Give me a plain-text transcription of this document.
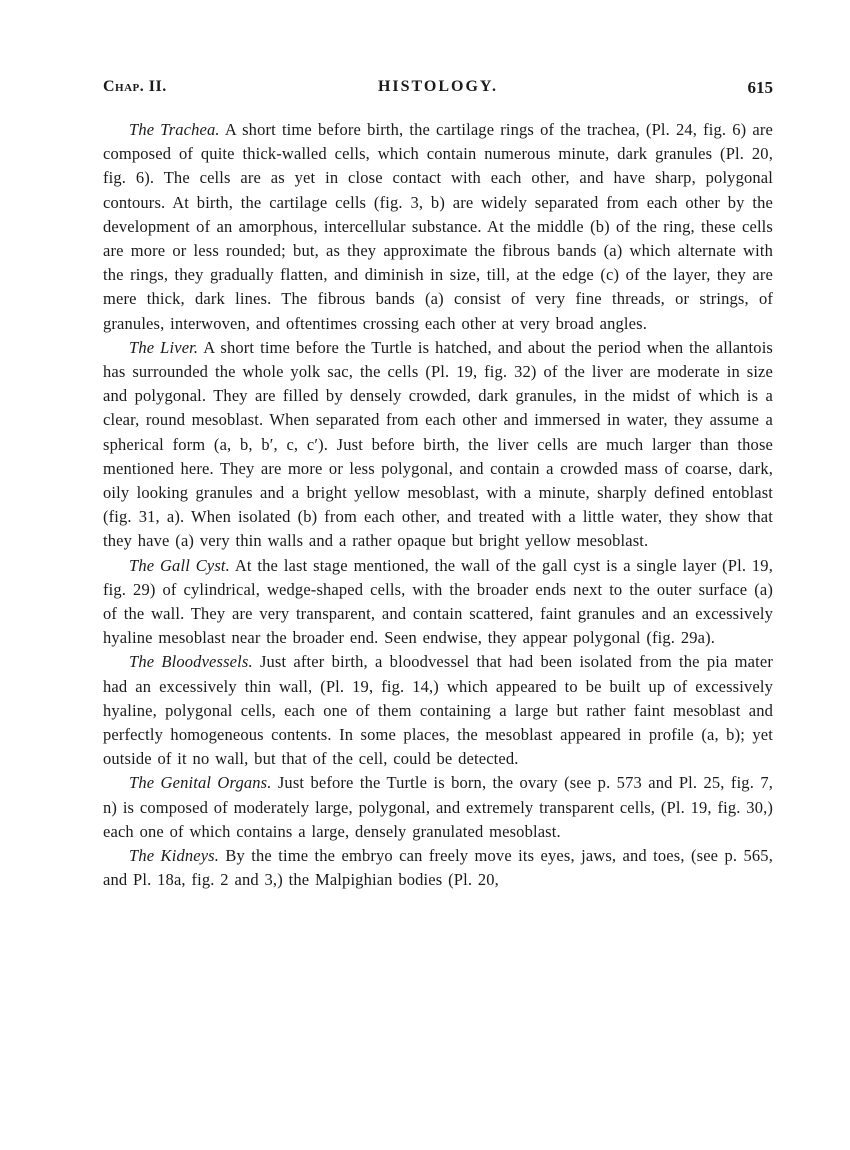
Chap. II.	HISTOLOGY.	615

The Trachea. A short time before birth, the cartilage rings of the trachea, (Pl. 24, fig. 6) are composed of quite thick-walled cells, which contain numerous minute, dark granules (Pl. 20, fig. 6). The cells are as yet in close contact with each other, and have sharp, polygonal contours. At birth, the cartilage cells (fig. 3, b) are widely separated from each other by the development of an amorphous, intercellular substance. At the middle (b) of the ring, these cells are more or less rounded; but, as they approximate the fibrous bands (a) which alternate with the rings, they gradually flatten, and diminish in size, till, at the edge (c) of the layer, they are mere thick, dark lines. The fibrous bands (a) consist of very fine threads, or strings, of granules, interwoven, and oftentimes crossing each other at very broad angles.

The Liver. A short time before the Turtle is hatched, and about the period when the allantois has surrounded the whole yolk sac, the cells (Pl. 19, fig. 32) of the liver are moderate in size and polygonal. They are filled by densely crowded, dark granules, in the midst of which is a clear, round mesoblast. When separated from each other and immersed in water, they assume a spherical form (a, b, b′, c, c′). Just before birth, the liver cells are much larger than those mentioned here. They are more or less polygonal, and contain a crowded mass of coarse, dark, oily looking granules and a bright yellow mesoblast, with a minute, sharply defined entoblast (fig. 31, a). When isolated (b) from each other, and treated with a little water, they show that they have (a) very thin walls and a rather opaque but bright yellow mesoblast.

The Gall Cyst. At the last stage mentioned, the wall of the gall cyst is a single layer (Pl. 19, fig. 29) of cylindrical, wedge-shaped cells, with the broader ends next to the outer surface (a) of the wall. They are very transparent, and contain scattered, faint granules and an excessively hyaline mesoblast near the broader end. Seen endwise, they appear polygonal (fig. 29a).

The Bloodvessels. Just after birth, a bloodvessel that had been isolated from the pia mater had an excessively thin wall, (Pl. 19, fig. 14,) which appeared to be built up of excessively hyaline, polygonal cells, each one of them containing a large but rather faint mesoblast and perfectly homogeneous contents. In some places, the mesoblast appeared in profile (a, b); yet outside of it no wall, but that of the cell, could be detected.

The Genital Organs. Just before the Turtle is born, the ovary (see p. 573 and Pl. 25, fig. 7, n) is composed of moderately large, polygonal, and extremely transparent cells, (Pl. 19, fig. 30,) each one of which contains a large, densely granulated mesoblast.

The Kidneys. By the time the embryo can freely move its eyes, jaws, and toes, (see p. 565, and Pl. 18a, fig. 2 and 3,) the Malpighian bodies (Pl. 20,
